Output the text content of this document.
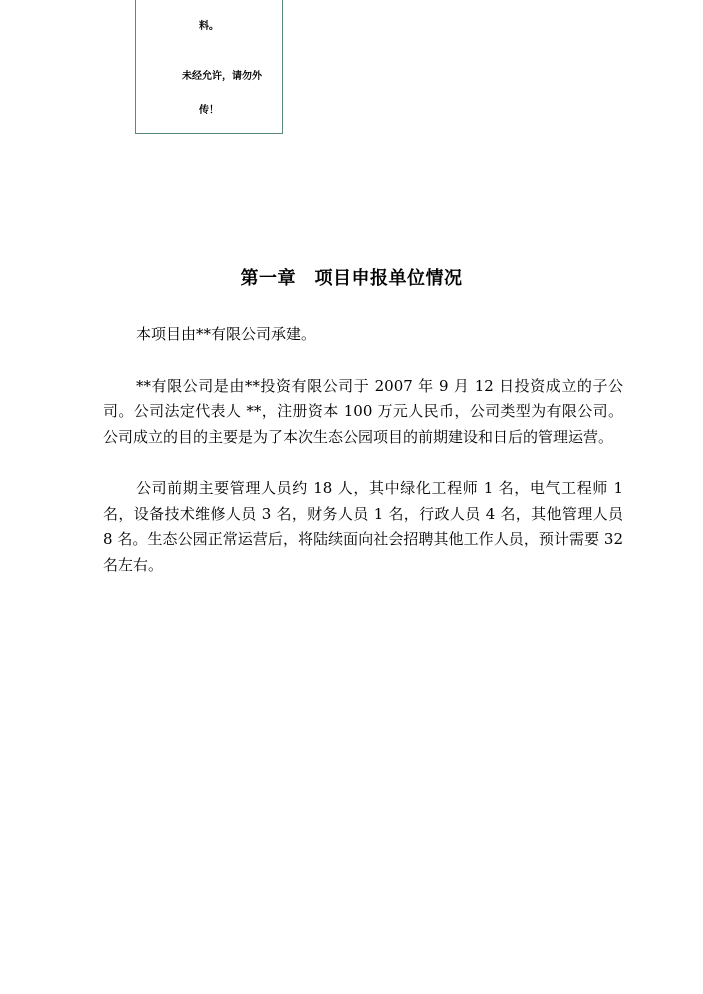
料。
未经允许，请勿外
传！
第一章　项目申报单位情况

本项目由**有限公司承建。

**有限公司是由**投资有限公司于 2007 年 9 月 12 日投资成立的子公司。公司法定代表人 **，注册资本 100 万元人民币，公司类型为有限公司。公司成立的目的主要是为了本次生态公园项目的前期建设和日后的管理运营。

公司前期主要管理人员约 18 人，其中绿化工程师 1 名，电气工程师 1 名，设备技术维修人员 3 名，财务人员 1 名，行政人员 4 名，其他管理人员 8 名。生态公园正常运营后，将陆续面向社会招聘其他工作人员，预计需要 32 名左右。
